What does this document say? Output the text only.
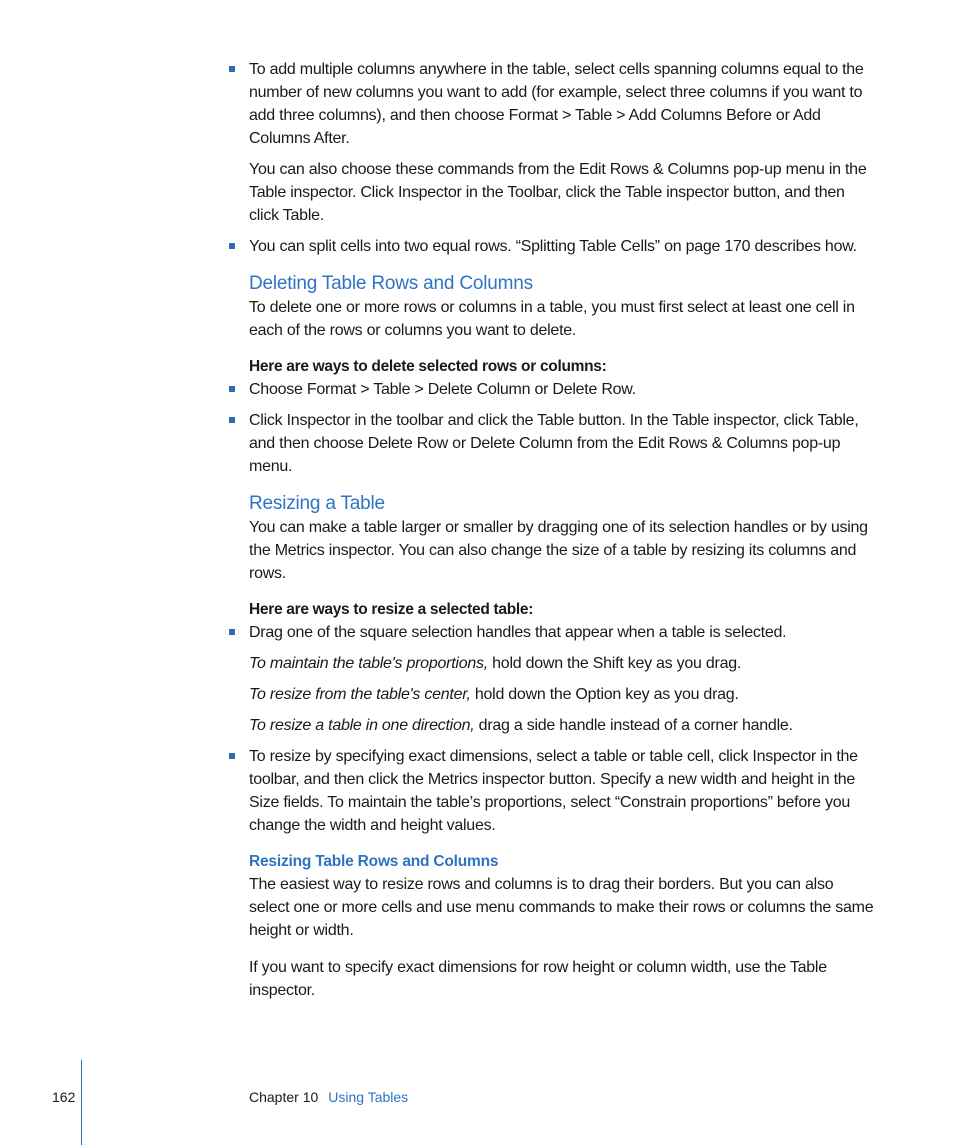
To add multiple columns anywhere in the table, select cells spanning columns equal to the number of new columns you want to add (for example, select three columns if you want to add three columns), and then choose Format > Table > Add Columns Before or Add Columns After.

You can also choose these commands from the Edit Rows & Columns pop-up menu in the Table inspector. Click Inspector in the Toolbar, click the Table inspector button, and then click Table.

You can split cells into two equal rows. “Splitting Table Cells” on page 170 describes how.

Deleting Table Rows and Columns

To delete one or more rows or columns in a table, you must first select at least one cell in each of the rows or columns you want to delete.

Here are ways to delete selected rows or columns:

Choose Format > Table > Delete Column or Delete Row.

Click Inspector in the toolbar and click the Table button. In the Table inspector, click Table, and then choose Delete Row or Delete Column from the Edit Rows & Columns pop-up menu.

Resizing a Table

You can make a table larger or smaller by dragging one of its selection handles or by using the Metrics inspector. You can also change the size of a table by resizing its columns and rows.

Here are ways to resize a selected table:

Drag one of the square selection handles that appear when a table is selected.

To maintain the table's proportions, hold down the Shift key as you drag.

To resize from the table's center, hold down the Option key as you drag.

To resize a table in one direction, drag a side handle instead of a corner handle.

To resize by specifying exact dimensions, select a table or table cell, click Inspector in the toolbar, and then click the Metrics inspector button. Specify a new width and height in the Size fields. To maintain the table’s proportions, select “Constrain proportions” before you change the width and height values.

Resizing Table Rows and Columns

The easiest way to resize rows and columns is to drag their borders. But you can also select one or more cells and use menu commands to make their rows or columns the same height or width.

If you want to specify exact dimensions for row height or column width, use the Table inspector.

162	Chapter 10 Using Tables
